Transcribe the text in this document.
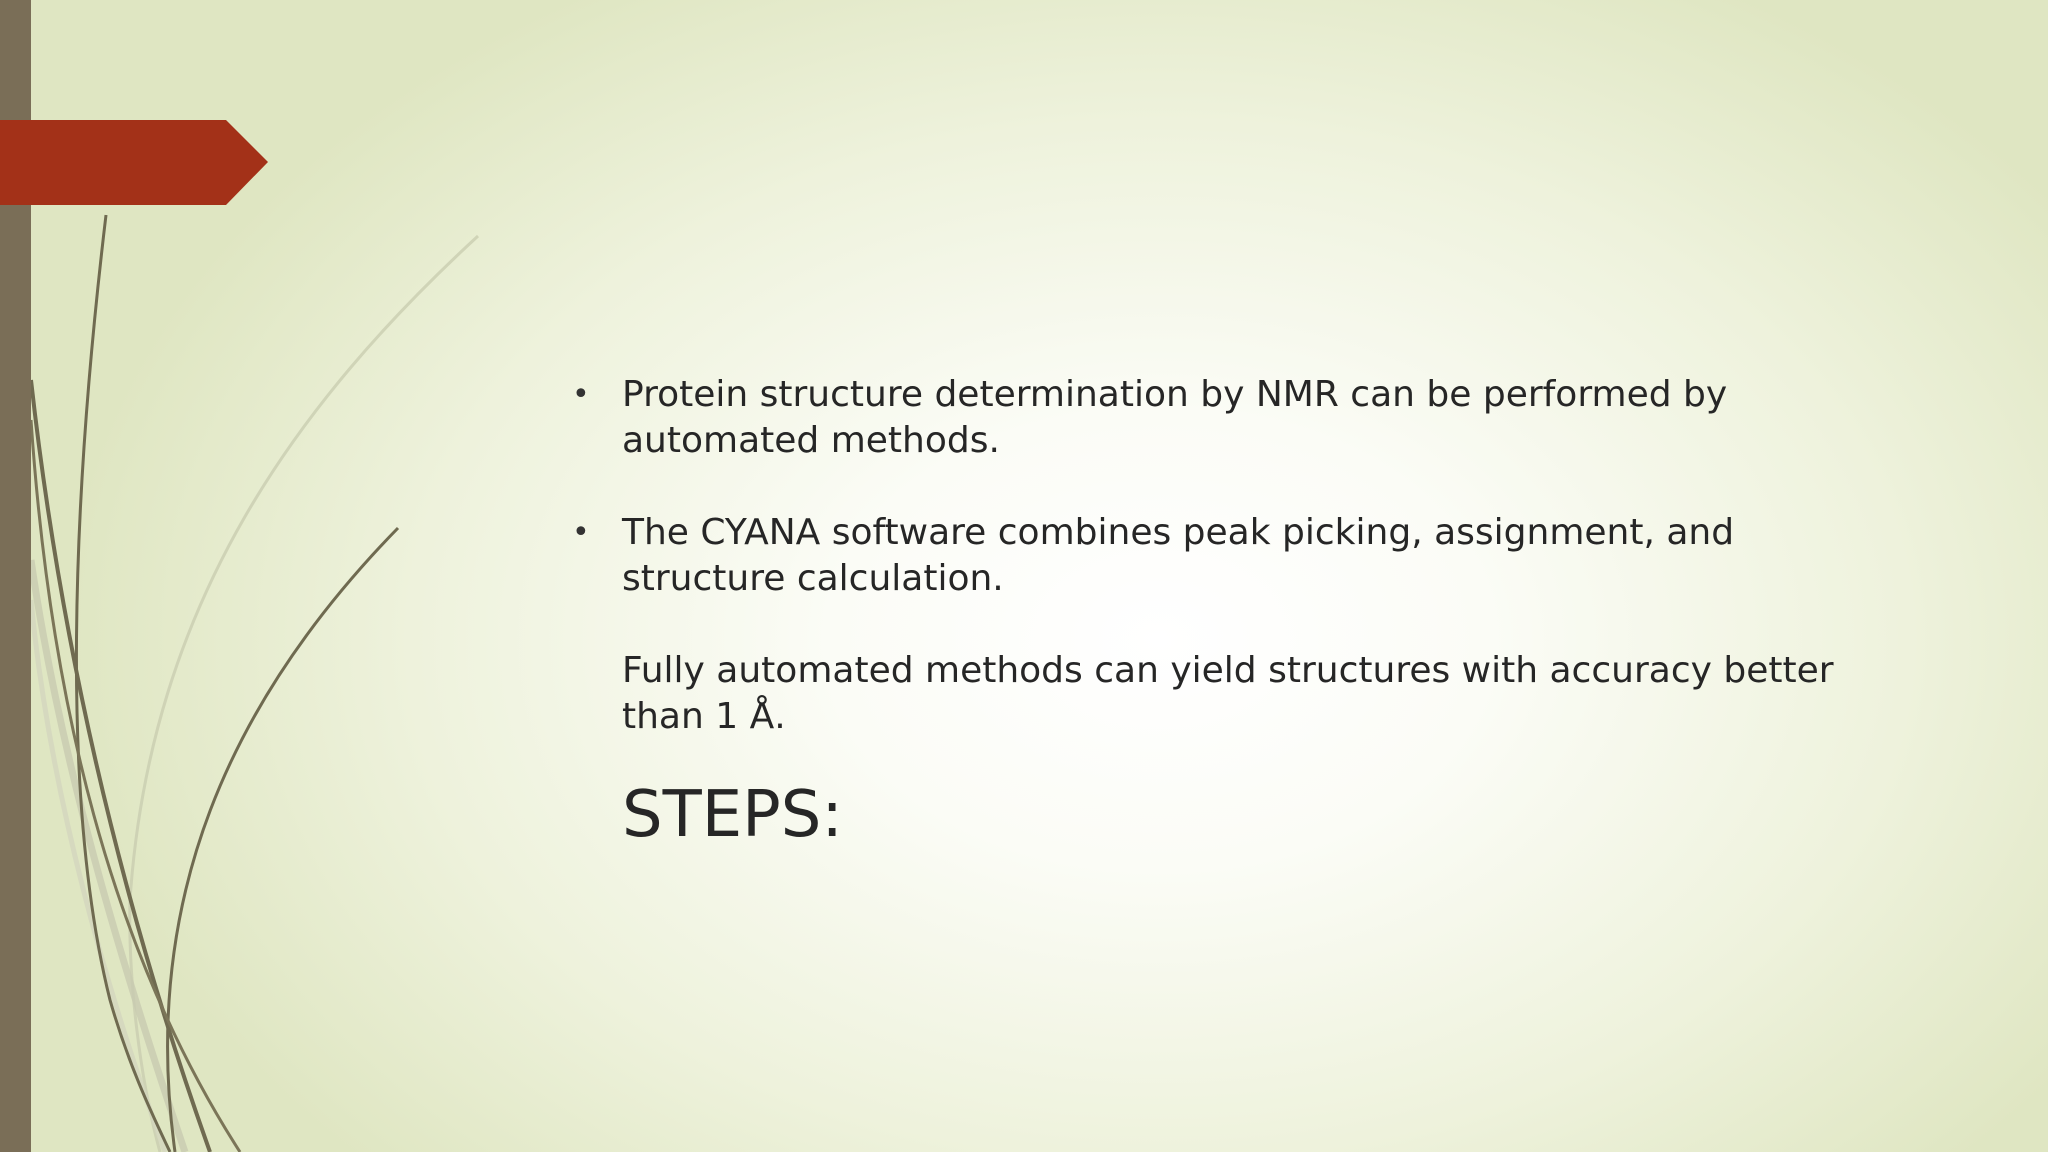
• Protein structure determination by NMR can be performed by automated methods.
• The CYANA software combines peak picking, assignment, and structure calculation.
Fully automated methods can yield structures with accuracy better than 1 Å.
STEPS:
